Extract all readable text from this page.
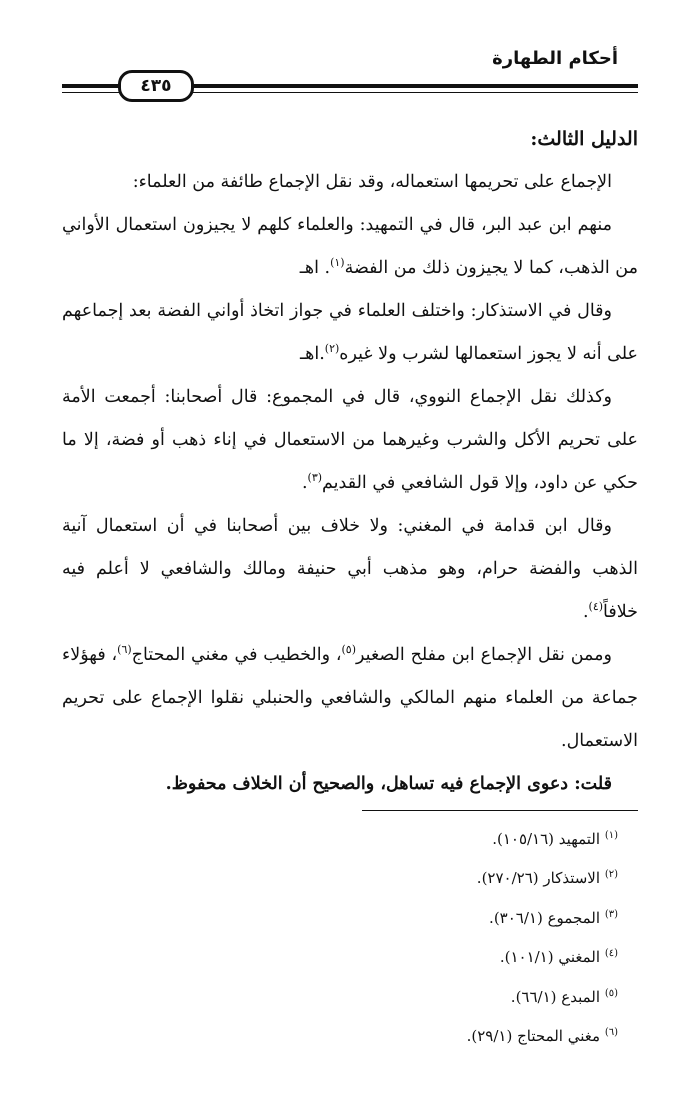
أحكام الطهارة
٤٣٥

الدليل الثالث:

الإجماع على تحريمها استعماله، وقد نقل الإجماع طائفة من العلماء:

منهم ابن عبد البر، قال في التمهيد: والعلماء كلهم لا يجيزون استعمال الأواني من الذهب، كما لا يجيزون ذلك من الفضة$^{(١)}$. اهـ

وقال في الاستذكار: واختلف العلماء في جواز اتخاذ أواني الفضة بعد إجماعهم على أنه لا يجوز استعمالها لشرب ولا غيره$^{(٢)}$.اهـ

وكذلك نقل الإجماع النووي، قال في المجموع: قال أصحابنا: أجمعت الأمة على تحريم الأكل والشرب وغيرهما من الاستعمال في إناء ذهب أو فضة، إلا ما حكي عن داود، وإلا قول الشافعي في القديم$^{(٣)}$.

وقال ابن قدامة في المغني: ولا خلاف بين أصحابنا في أن استعمال آنية الذهب والفضة حرام، وهو مذهب أبي حنيفة ومالك والشافعي لا أعلم فيه خلافاً$^{(٤)}$.

وممن نقل الإجماع ابن مفلح الصغير$^{(٥)}$، والخطيب في مغني المحتاج$^{(٦)}$، فهؤلاء جماعة من العلماء منهم المالكي والشافعي والحنبلي نقلوا الإجماع على تحريم الاستعمال.

قلت: دعوى الإجماع فيه تساهل، والصحيح أن الخلاف محفوظ.

$^{(١)}$ التمهيد (١٠٥/١٦).

$^{(٢)}$ الاستذكار (٢٧٠/٢٦).

$^{(٣)}$ المجموع (٣٠٦/١).

$^{(٤)}$ المغني (١٠١/١).

$^{(٥)}$ المبدع (٦٦/١).

$^{(٦)}$ مغني المحتاج (٢٩/١).
